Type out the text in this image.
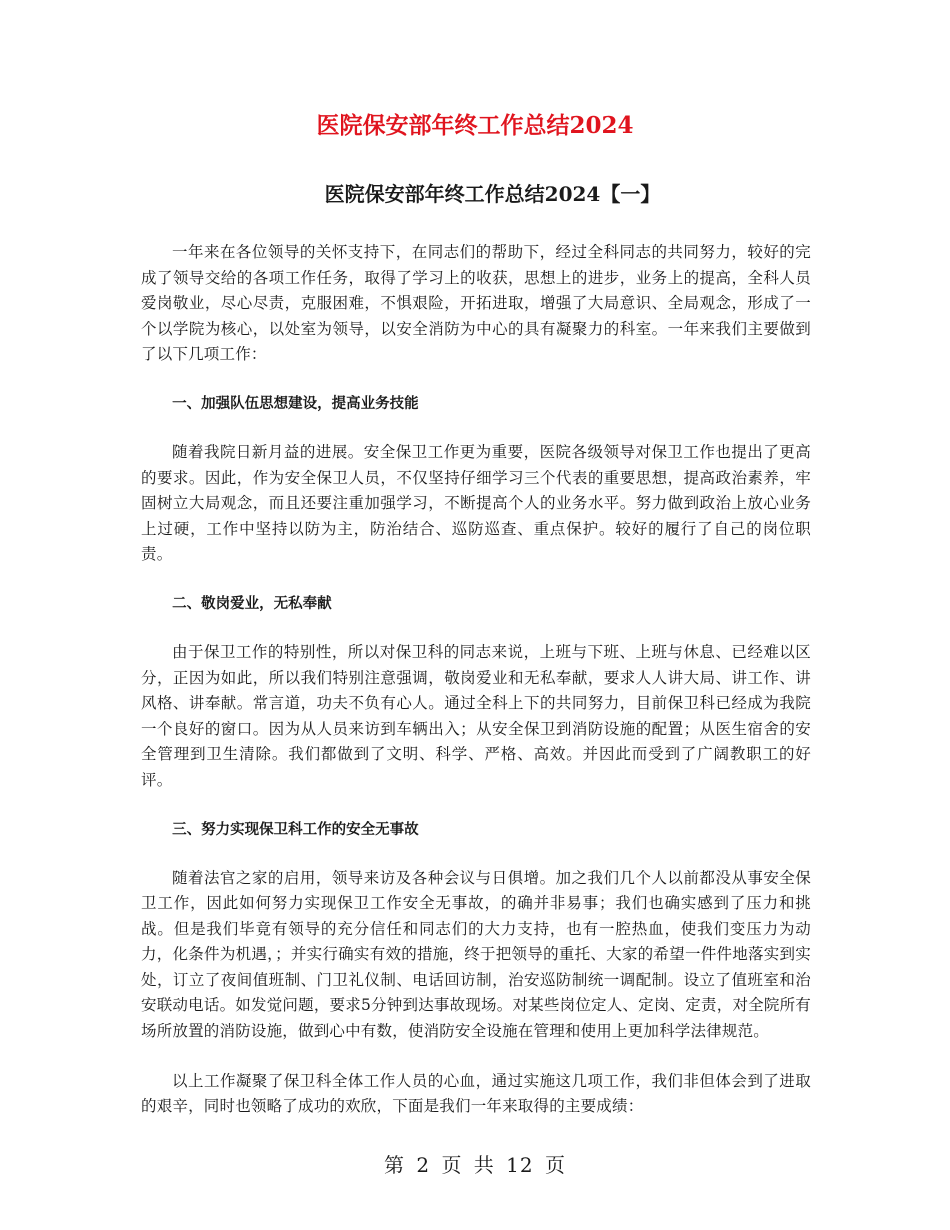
医院保安部年终工作总结2024
医院保安部年终工作总结2024【一】

一年来在各位领导的关怀支持下，在同志们的帮助下，经过全科同志的共同努力，较好的完成了领导交给的各项工作任务，取得了学习上的收获，思想上的进步，业务上的提高，全科人员爱岗敬业，尽心尽责，克服困难，不惧艰险，开拓进取，增强了大局意识、全局观念，形成了一个以学院为核心，以处室为领导，以安全消防为中心的具有凝聚力的科室。一年来我们主要做到了以下几项工作：

一、加强队伍思想建设，提高业务技能

随着我院日新月益的进展。安全保卫工作更为重要，医院各级领导对保卫工作也提出了更高的要求。因此，作为安全保卫人员，不仅坚持仔细学习三个代表的重要思想，提高政治素养，牢固树立大局观念，而且还要注重加强学习，不断提高个人的业务水平。努力做到政治上放心业务上过硬，工作中坚持以防为主，防治结合、巡防巡查、重点保护。较好的履行了自己的岗位职责。

二、敬岗爱业，无私奉献

由于保卫工作的特别性，所以对保卫科的同志来说，上班与下班、上班与休息、已经难以区分，正因为如此，所以我们特别注意强调，敬岗爱业和无私奉献，要求人人讲大局、讲工作、讲风格、讲奉献。常言道，功夫不负有心人。通过全科上下的共同努力，目前保卫科已经成为我院一个良好的窗口。因为从人员来访到车辆出入；从安全保卫到消防设施的配置；从医生宿舍的安全管理到卫生清除。我们都做到了文明、科学、严格、高效。并因此而受到了广阔教职工的好评。

三、努力实现保卫科工作的安全无事故

随着法官之家的启用，领导来访及各种会议与日俱增。加之我们几个人以前都没从事安全保卫工作，因此如何努力实现保卫工作安全无事故，的确并非易事；我们也确实感到了压力和挑战。但是我们毕竟有领导的充分信任和同志们的大力支持，也有一腔热血，使我们变压力为动力，化条件为机遇，；并实行确实有效的措施，终于把领导的重托、大家的希望一件件地落实到实处，订立了夜间值班制、门卫礼仪制、电话回访制，治安巡防制统一调配制。设立了值班室和治安联动电话。如发觉问题，要求5分钟到达事故现场。对某些岗位定人、定岗、定责，对全院所有场所放置的消防设施，做到心中有数，使消防安全设施在管理和使用上更加科学法律规范。

以上工作凝聚了保卫科全体工作人员的心血，通过实施这几项工作，我们非但体会到了进取的艰辛，同时也领略了成功的欢欣，下面是我们一年来取得的主要成绩：

第 2 页 共 12 页
